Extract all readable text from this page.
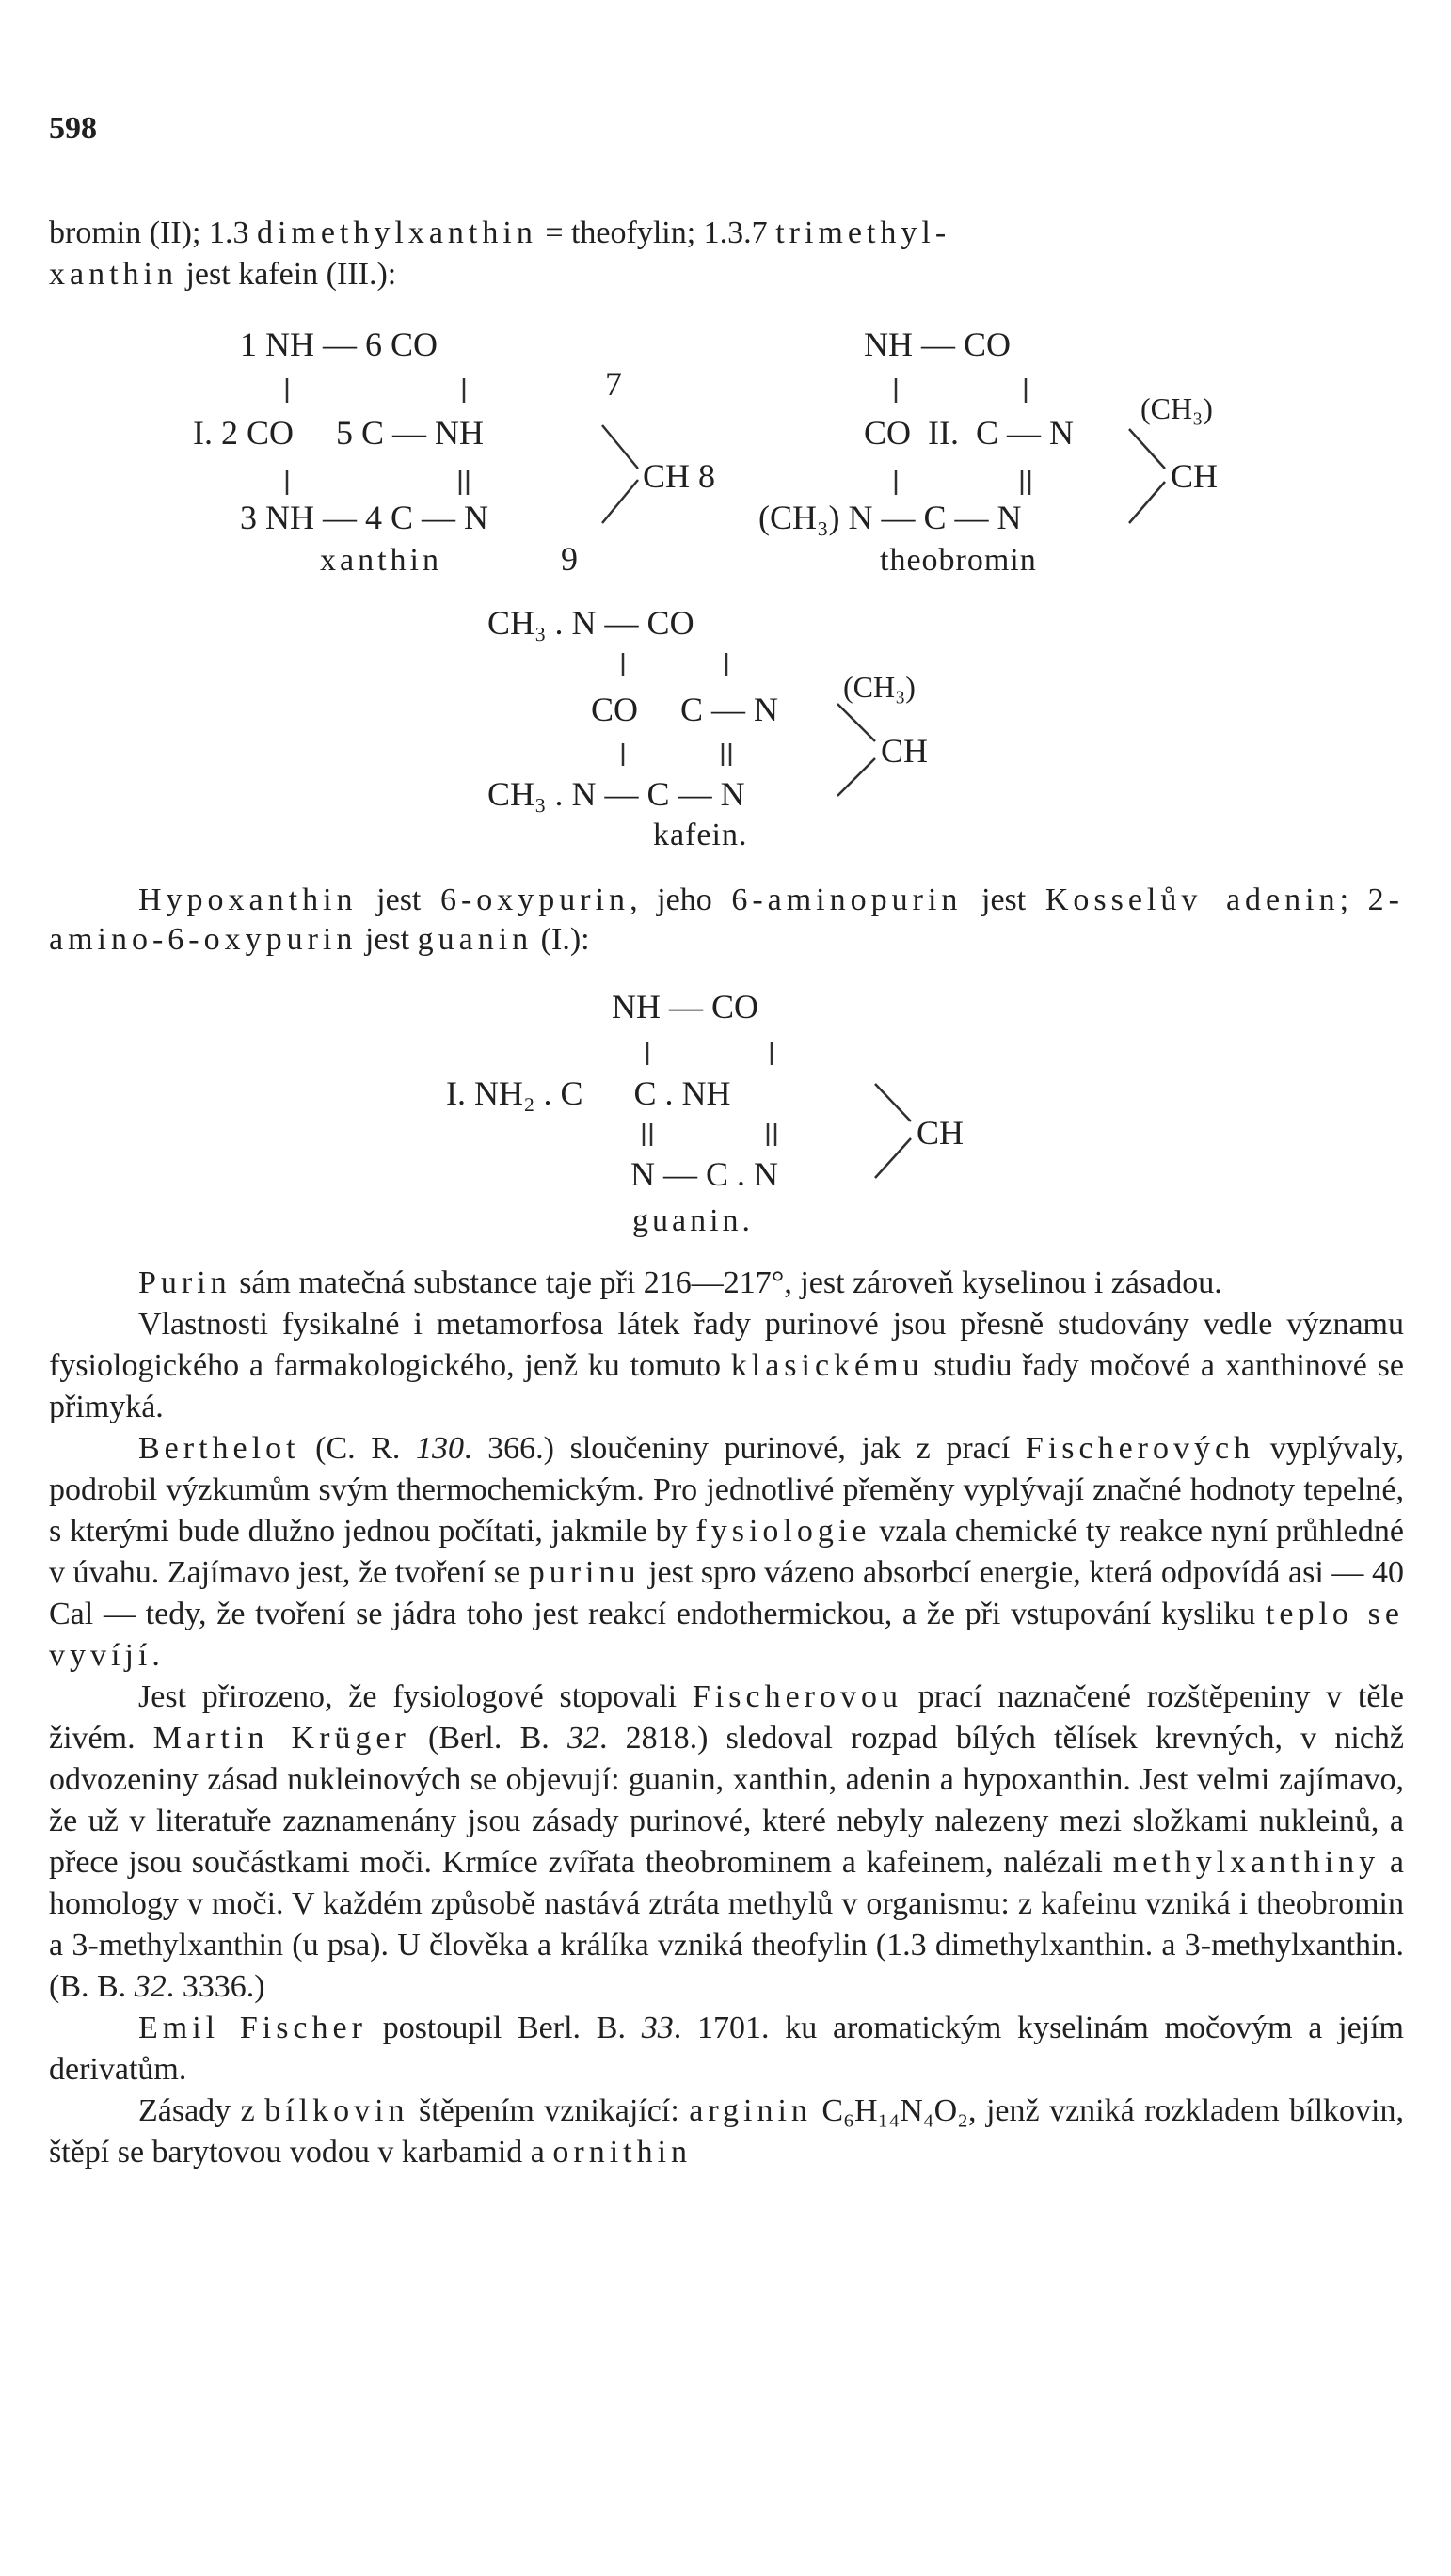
598
bromin (II); 1.3 dimethylxanthin = theofylin; 1.3.7 trimethyl-
xanthin jest kafein (III.):
1 NH — 6 CO
7
I. 2 CO     5 C — NH
CH 8
3 NH — 4 C — N
xanthin	9
NH — CO
CO  II.  C — N
(CH₃)
CH
(CH₃) N — C — N
theobromin
CH₃ . N — CO
CO     C — N
(CH₃)
CH
CH₃ . N — C — N
kafein.
Hypoxanthin jest 6-oxypurin, jeho 6-aminopurin jest Kosselův adenin; 2-amino-6-oxypurin jest guanin (I.):
NH — CO
I. NH₂ . C      C . NH
CH
N — C . N
guanin.
Purin sám matečná substance taje při 216—217°, jest zároveň kyselinou i zásadou.
Vlastnosti fysikalné i metamorfosa látek řady purinové jsou přesně studovány vedle významu fysiologického a farmakologického, jenž ku tomuto klasickému studiu řady močové a xanthinové se přimyká.
Berthelot (C. R. 130. 366.) sloučeniny purinové, jak z prací Fischerových vyplývaly, podrobil výzkumům svým thermochemickým. Pro jednotlivé přeměny vyplývají značné hodnoty tepelné, s kterými bude dlužno jednou počítati, jakmile by fysiologie vzala chemické ty reakce nyní průhledné v úvahu. Zajímavo jest, že tvoření se purinu jest spro vázeno absorbcí energie, která odpovídá asi — 40 Cal — tedy, že tvoření se jádra toho jest reakcí endothermickou, a že při vstupování kysliku teplo se vyvíjí.
Jest přirozeno, že fysiologové stopovali Fischerovou prací naznačené rozštěpeniny v těle živém. Martin Krüger (Berl. B. 32. 2818.) sledoval rozpad bílých tělísek krevných, v nichž odvozeniny zásad nukleinových se objevují: guanin, xanthin, adenin a hypoxanthin. Jest velmi zajímavo, že už v literatuře zaznamenány jsou zásady purinové, které nebyly nalezeny mezi složkami nukleinů, a přece jsou součástkami moči. Krmíce zvířata theobrominem a kafeinem, nalézali methylxanthiny a homology v moči. V každém způsobě nastává ztráta methylů v organismu: z kafeinu vzniká i theobromin a 3-methylxanthin (u psa). U člověka a králíka vzniká theofylin (1.3 dimethylxanthin. a 3-methylxanthin. (B. B. 32. 3336.)
Emil Fischer postoupil Berl. B. 33. 1701. ku aromatickým kyselinám močovým a jejím derivatům.
Zásady z bílkovin štěpením vznikající: arginin C₆H₁₄N₄O₂, jenž vzniká rozkladem bílkovin, štěpí se barytovou vodou v karbamid a ornithin
